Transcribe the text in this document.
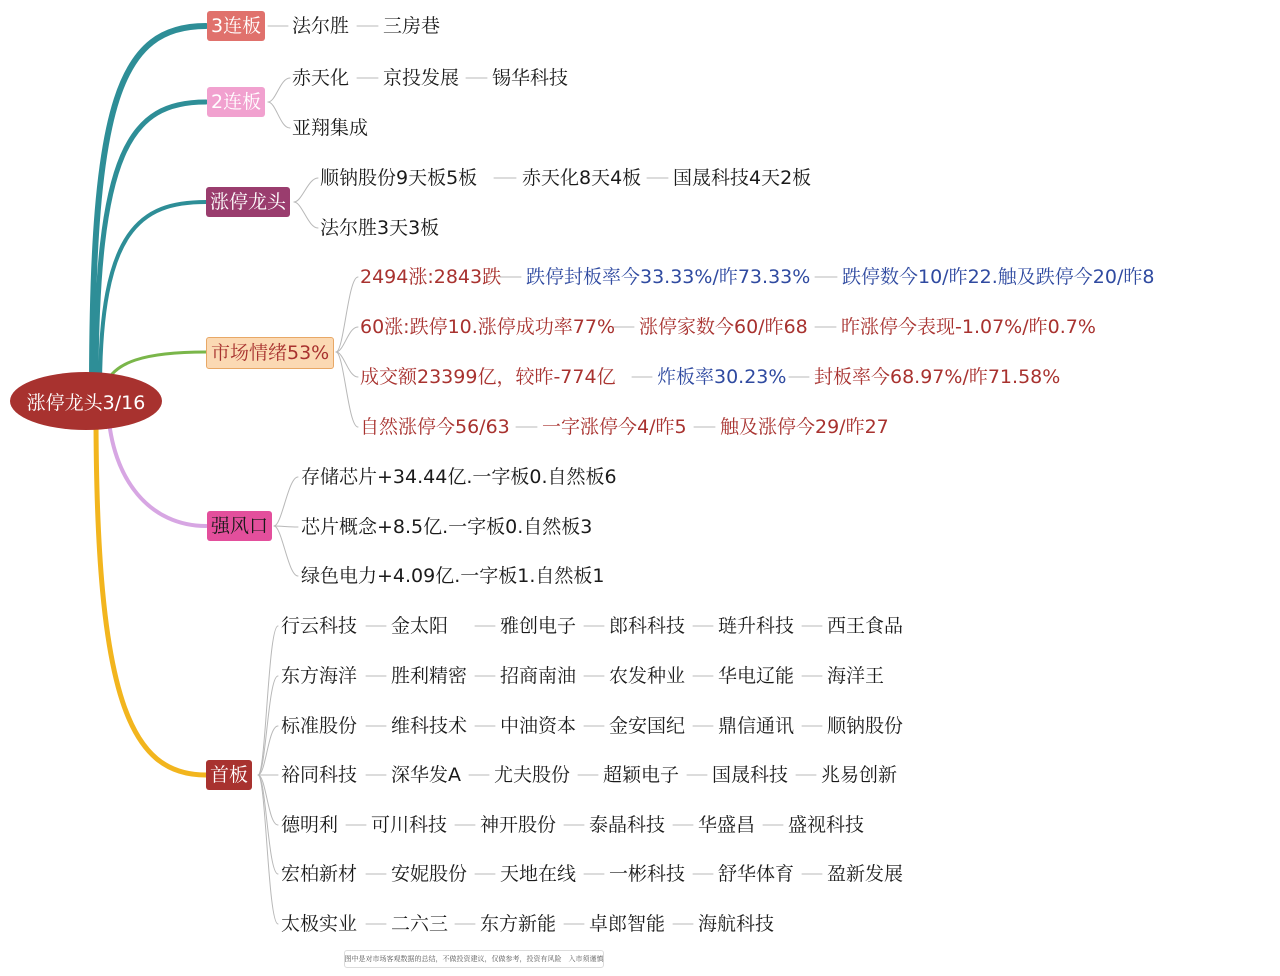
涨停龙头3/16
3连板 法尔胜 三房巷
2连板
赤天化 京投发展 锡华科技
亚翔集成
涨停龙头
顺钠股份9天板5板 赤天化8天4板 国晟科技4天2板
法尔胜3天3板
市场情绪53%
2494涨:2843跌 跌停封板率今33.33%/昨73.33% 跌停数今10/昨22.触及跌停今20/昨8
60涨:跌停10.涨停成功率77% 涨停家数今60/昨68 昨涨停今表现-1.07%/昨0.7%
成交额23399亿，较昨-774亿 炸板率30.23% 封板率今68.97%/昨71.58%
自然涨停今56/63 一字涨停今4/昨5 触及涨停今29/昨27
强风口
存储芯片+34.44亿.一字板0.自然板6
芯片概念+8.5亿.一字板0.自然板3
绿色电力+4.09亿.一字板1.自然板1
首板
行云科技 金太阳	雅创电子 郎科科技 琏升科技 西王食品
东方海洋 胜利精密 招商南油 农发种业 华电辽能 海洋王
标准股份 维科技术 中油资本 金安国纪 鼎信通讯 顺钠股份
裕同科技 深华发A 尤夫股份 超颖电子 国晟科技 兆易创新
德明利 可川科技 神开股份 泰晶科技 华盛昌 盛视科技
宏柏新材 安妮股份 天地在线 一彬科技 舒华体育 盈新发展
太极实业 二六三 东方新能 卓郎智能 海航科技
图中是对市场客观数据的总结，不做投资建议，仅做参考，投资有风险　入市须谨慎
